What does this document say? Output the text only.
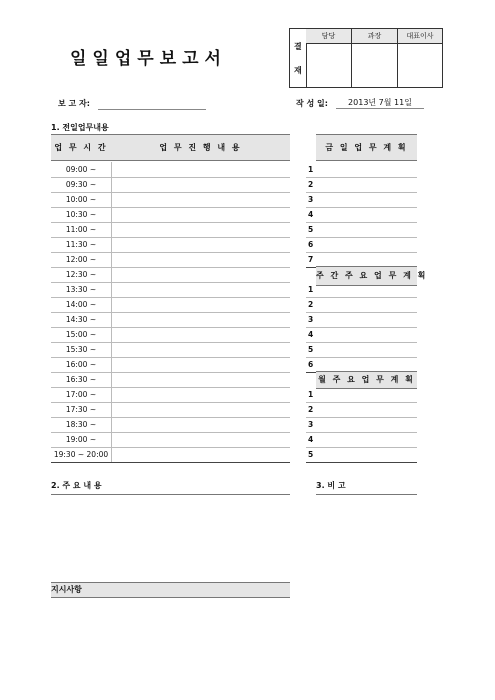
일일업무보고서
결
재
담당	과장	대표이사
보 고 자:	작 성 일:	2013년 7월 11일
1. 전일업무내용
업 무 시 간	업 무 진 행 내 용
09:00 ~
09:30 ~
10:00 ~
10:30 ~
11:00 ~
11:30 ~
12:00 ~
12:30 ~
13:30 ~
14:00 ~
14:30 ~
15:00 ~
15:30 ~
16:00 ~
16:30 ~
17:00 ~
17:30 ~
18:30 ~
19:00 ~
19:30 ~ 20:00
금 일 업 무 계 획
1
2
3
4
5
6
7
주 간 주 요 업 무 계 획
1
2
3
4
5
6
월 주 요 업 무 계 획
1
2
3
4
5
2. 주 요 내 용	3. 비 고
지시사항
